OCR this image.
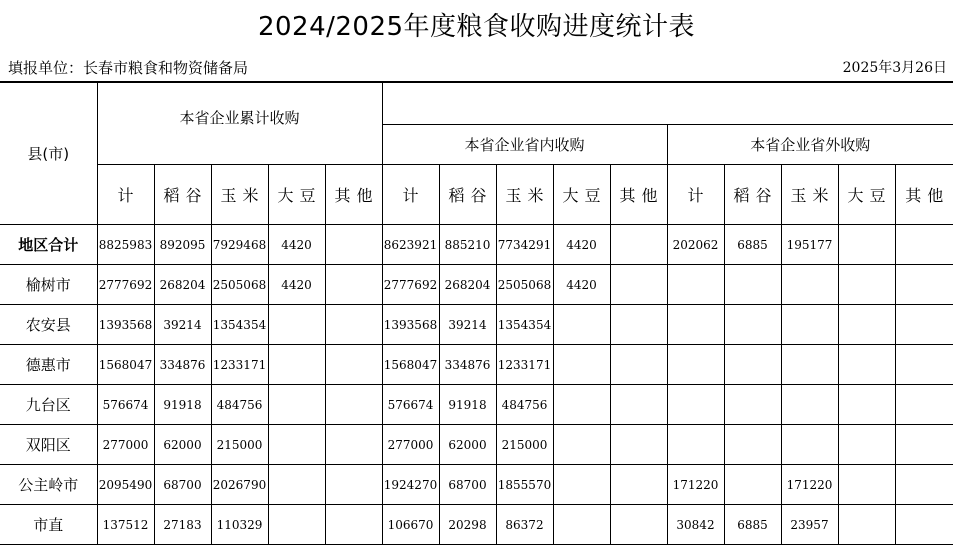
2024/2025年度粮食收购进度统计表
填报单位：长春市粮食和物资储备局	2025年3月26日
县(市)	本省企业累计收购														
						本省企业省内收购					本省企业省外收购				
	计	稻谷	玉米	大豆	其他	计	稻谷	玉米	大豆	其他	计	稻谷	玉米	大豆	其他
地区合计	8825983	892095	7929468	4420		8623921	885210	7734291	4420		202062	6885	195177		
榆树市	2777692	268204	2505068	4420		2777692	268204	2505068	4420						
农安县	1393568	39214	1354354			1393568	39214	1354354							
德惠市	1568047	334876	1233171			1568047	334876	1233171							
九台区	576674	91918	484756			576674	91918	484756							
双阳区	277000	62000	215000			277000	62000	215000							
公主岭市	2095490	68700	2026790			1924270	68700	1855570			171220		171220		
市直	137512	27183	110329			106670	20298	86372			30842	6885	23957		
